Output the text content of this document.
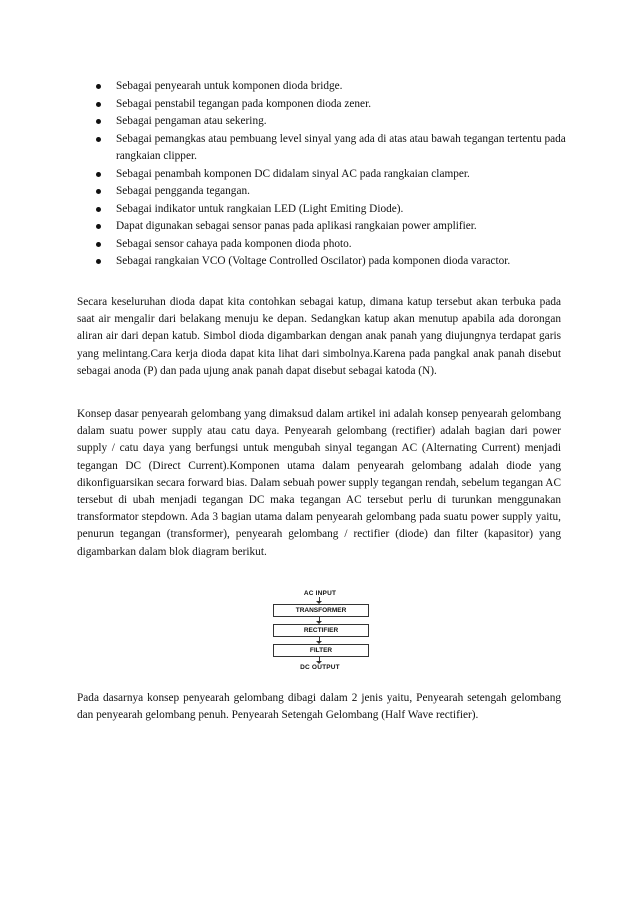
Sebagai penyearah untuk komponen dioda bridge.
Sebagai penstabil tegangan pada komponen dioda zener.
Sebagai pengaman atau sekering.
Sebagai pemangkas atau pembuang level sinyal yang ada di atas atau bawah tegangan tertentu pada rangkaian clipper.
Sebagai penambah komponen DC didalam sinyal AC pada rangkaian clamper.
Sebagai pengganda tegangan.
Sebagai indikator untuk rangkaian LED (Light Emiting Diode).
Dapat digunakan sebagai sensor panas pada aplikasi rangkaian power amplifier.
Sebagai sensor cahaya pada komponen dioda photo.
Sebagai rangkaian VCO (Voltage Controlled Oscilator) pada komponen dioda varactor.

Secara keseluruhan dioda dapat kita contohkan sebagai katup, dimana katup tersebut akan terbuka pada saat air mengalir dari belakang menuju ke depan. Sedangkan katup akan menutup apabila ada dorongan aliran air dari depan katub. Simbol dioda digambarkan dengan anak panah yang diujungnya terdapat garis yang melintang.Cara kerja dioda dapat kita lihat dari simbolnya.Karena pada pangkal anak panah disebut sebagai anoda (P) dan pada ujung anak panah dapat disebut sebagai katoda (N).

Konsep dasar penyearah gelombang yang dimaksud dalam artikel ini adalah konsep penyearah gelombang dalam suatu power supply atau catu daya. Penyearah gelombang (rectifier) adalah bagian dari power supply / catu daya yang berfungsi untuk mengubah sinyal tegangan AC (Alternating Current) menjadi tegangan DC (Direct Current).Komponen utama dalam penyearah gelombang adalah diode yang dikonfiguarsikan secara forward bias. Dalam sebuah power supply tegangan rendah, sebelum tegangan AC tersebut di ubah menjadi tegangan DC maka tegangan AC tersebut perlu di turunkan menggunakan transformator stepdown. Ada 3 bagian utama dalam penyearah gelombang pada suatu power supply yaitu, penurun tegangan (transformer), penyearah gelombang / rectifier (diode) dan filter (kapasitor) yang digambarkan dalam blok diagram berikut.

AC INPUT
TRANSFORMER
RECTIFIER
FILTER
DC OUTPUT

Pada dasarnya konsep penyearah gelombang dibagi dalam 2 jenis yaitu, Penyearah setengah gelombang dan penyearah gelombang penuh. Penyearah Setengah Gelombang (Half Wave rectifier).
